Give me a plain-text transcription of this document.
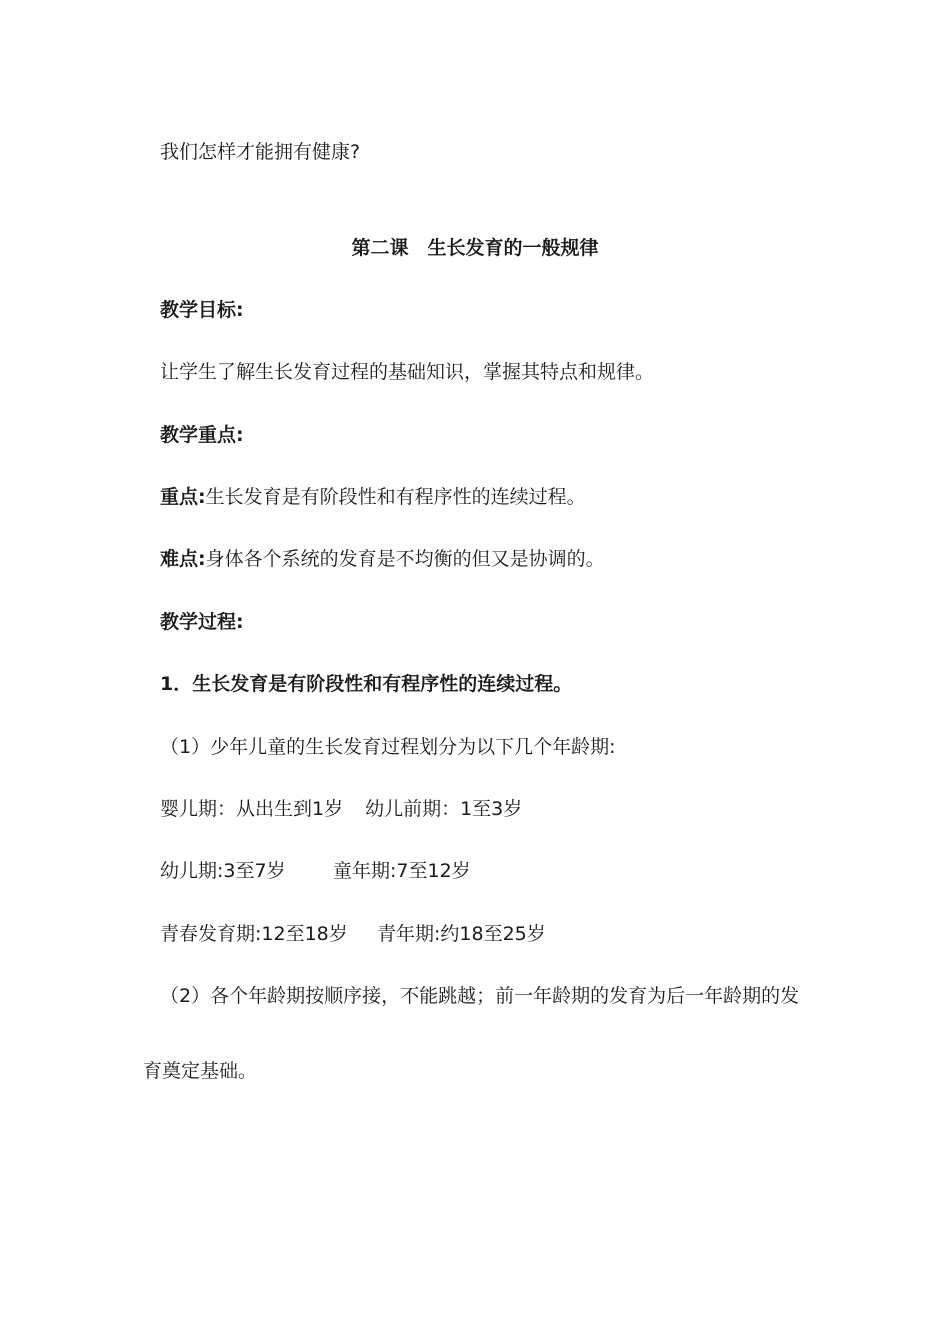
我们怎样才能拥有健康?
第二课　生长发育的一般规律
教学目标:
让学生了解生长发育过程的基础知识，掌握其特点和规律。
教学重点:
重点:生长发育是有阶段性和有程序性的连续过程。
难点:身体各个系统的发育是不均衡的但又是协调的。
教学过程:
1．生长发育是有阶段性和有程序性的连续过程。
（1）少年儿童的生长发育过程划分为以下几个年龄期:
婴儿期：从出生到1岁 幼儿前期：1至3岁
幼儿期:3至7岁 童年期:7至12岁
青春发育期:12至18岁 青年期:约18至25岁
（2）各个年龄期按顺序接，不能跳越；前一年龄期的发育为后一年龄期的发
育奠定基础。
